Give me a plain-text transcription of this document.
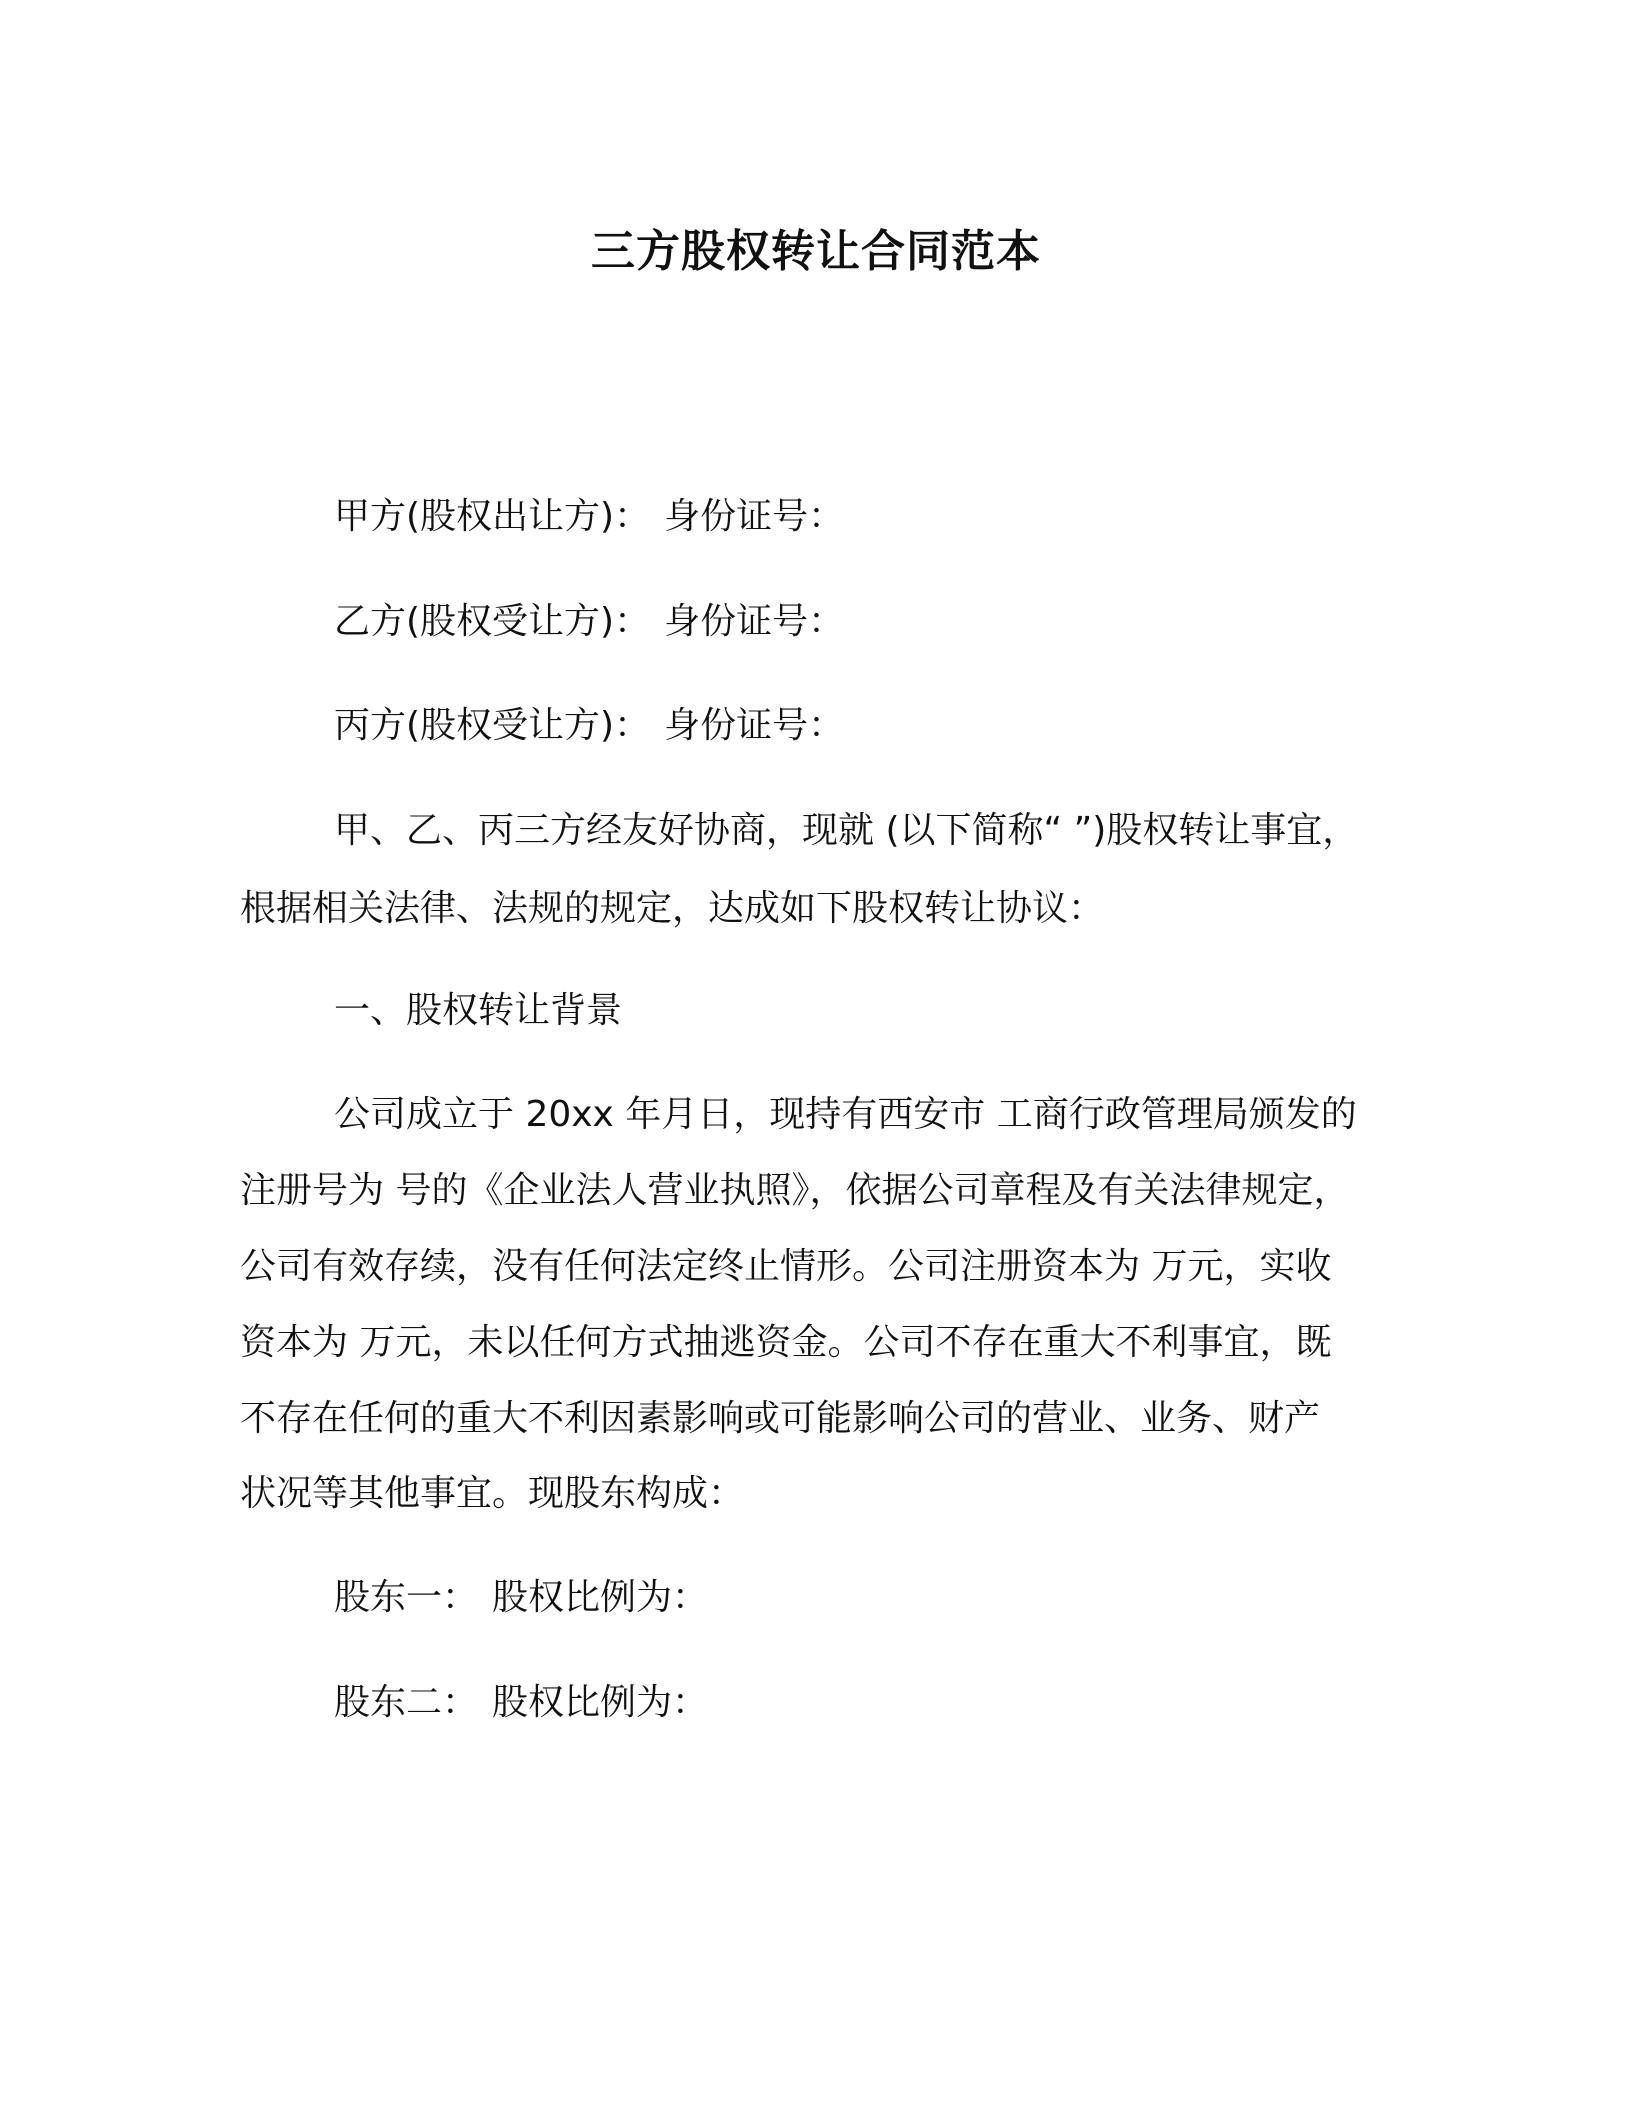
三方股权转让合同范本
甲方(股权出让方)： 身份证号：
乙方(股权受让方)： 身份证号：
丙方(股权受让方)： 身份证号：
甲、乙、丙三方经友好协商，现就 (以下简称“ ”)股权转让事宜，
根据相关法律、法规的规定，达成如下股权转让协议：
一、股权转让背景
公司成立于 20xx 年月日，现持有西安市 工商行政管理局颁发的
注册号为 号的《企业法人营业执照》，依据公司章程及有关法律规定，
公司有效存续，没有任何法定终止情形。公司注册资本为 万元，实收
资本为 万元，未以任何方式抽逃资金。公司不存在重大不利事宜，既
不存在任何的重大不利因素影响或可能影响公司的营业、业务、财产
状况等其他事宜。现股东构成：
股东一： 股权比例为：
股东二： 股权比例为：
